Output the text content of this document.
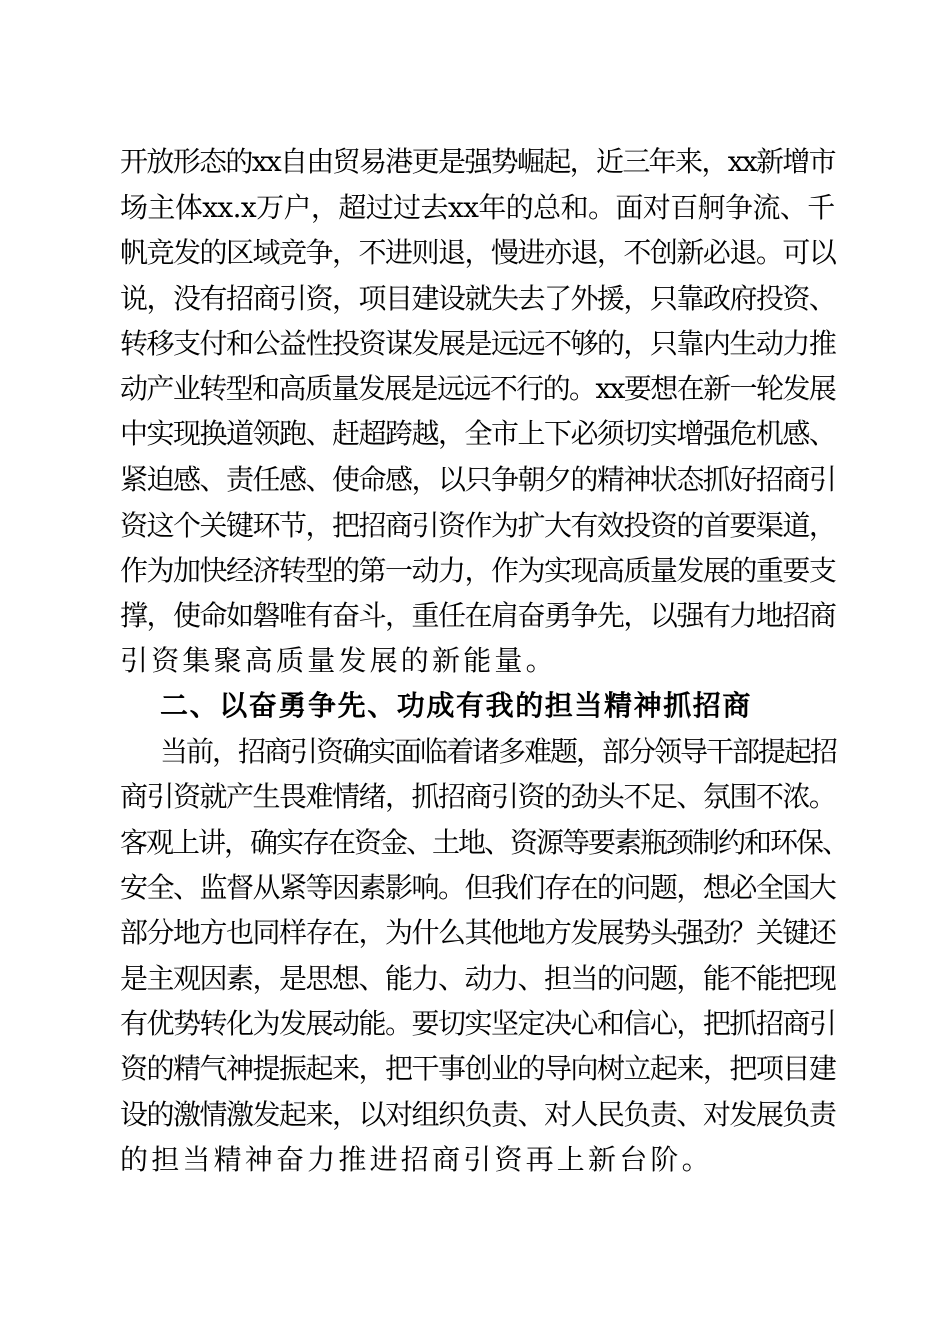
开放形态的xx自由贸易港更是强势崛起，近三年来，xx新增市
场主体xx.x万户，超过过去xx年的总和。面对百舸争流、千
帆竞发的区域竞争，不进则退，慢进亦退，不创新必退。可以
说，没有招商引资，项目建设就失去了外援，只靠政府投资、
转移支付和公益性投资谋发展是远远不够的，只靠内生动力推
动产业转型和高质量发展是远远不行的。xx要想在新一轮发展
中实现换道领跑、赶超跨越，全市上下必须切实增强危机感、
紧迫感、责任感、使命感，以只争朝夕的精神状态抓好招商引
资这个关键环节，把招商引资作为扩大有效投资的首要渠道，
作为加快经济转型的第一动力，作为实现高质量发展的重要支
撑，使命如磐唯有奋斗，重任在肩奋勇争先，以强有力地招商
引资集聚高质量发展的新能量。
二、以奋勇争先、功成有我的担当精神抓招商
当前，招商引资确实面临着诸多难题，部分领导干部提起招
商引资就产生畏难情绪，抓招商引资的劲头不足、氛围不浓。
客观上讲，确实存在资金、土地、资源等要素瓶颈制约和环保、
安全、监督从紧等因素影响。但我们存在的问题，想必全国大
部分地方也同样存在，为什么其他地方发展势头强劲？关键还
是主观因素，是思想、能力、动力、担当的问题，能不能把现
有优势转化为发展动能。要切实坚定决心和信心，把抓招商引
资的精气神提振起来，把干事创业的导向树立起来，把项目建
设的激情激发起来，以对组织负责、对人民负责、对发展负责
的担当精神奋力推进招商引资再上新台阶。
